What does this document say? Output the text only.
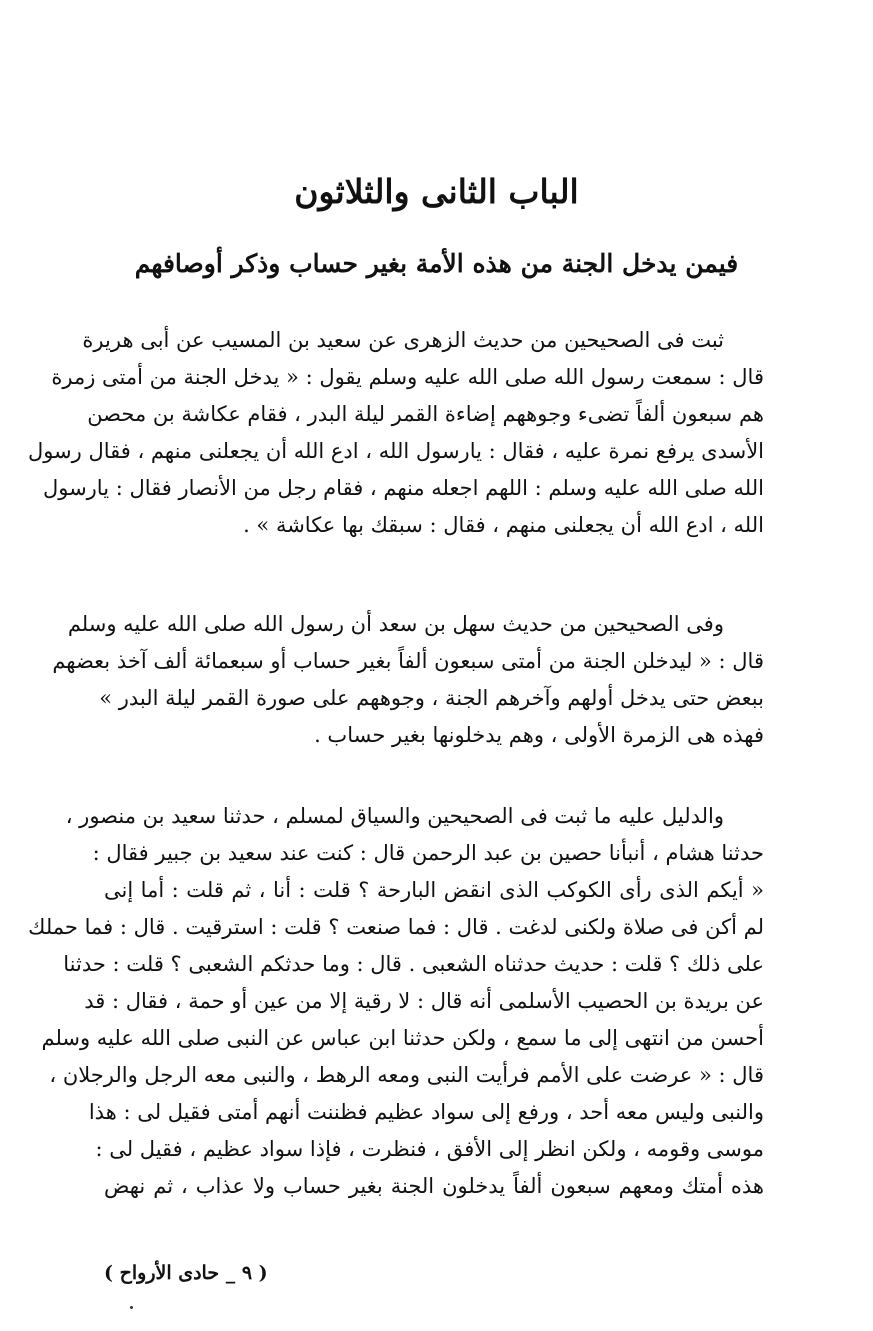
الباب الثانى والثلاثون
فيمن يدخل الجنة من هذه الأمة بغير حساب وذكر أوصافهم
ثبت فى الصحيحين من حديث الزهرى عن سعيد بن المسيب عن أبى هريرة
قال : سمعت رسول الله صلى الله عليه وسلم يقول : « يدخل الجنة من أمتى زمرة
هم سبعون ألفاً تضىء وجوههم إضاءة القمر ليلة البدر ، فقام عكاشة بن محصن
الأسدى يرفع نمرة عليه ، فقال : يارسول الله ، ادع الله أن يجعلنى منهم ، فقال رسول
الله صلى الله عليه وسلم : اللهم اجعله منهم ، فقام رجل من الأنصار فقال : يارسول
الله ، ادع الله أن يجعلنى منهم ، فقال : سبقك بها عكاشة » .
وفى الصحيحين من حديث سهل بن سعد أن رسول الله صلى الله عليه وسلم
قال : « ليدخلن الجنة من أمتى سبعون ألفاً بغير حساب أو سبعمائة ألف آخذ بعضهم
ببعض حتى يدخل أولهم وآخرهم الجنة ، وجوههم على صورة القمر ليلة البدر »
فهذه هى الزمرة الأولى ، وهم يدخلونها بغير حساب .
والدليل عليه ما ثبت فى الصحيحين والسياق لمسلم ، حدثنا سعيد بن منصور ،
حدثنا هشام ، أنبأنا حصين بن عبد الرحمن قال : كنت عند سعيد بن جبير فقال :
« أيكم الذى رأى الكوكب الذى انقض البارحة ؟ قلت : أنا ، ثم قلت : أما إنى
لم أكن فى صلاة ولكنى لدغت . قال : فما صنعت ؟ قلت : استرقيت . قال : فما حملك
على ذلك ؟ قلت : حديث حدثناه الشعبى . قال : وما حدثكم الشعبى ؟ قلت : حدثنا
عن بريدة بن الحصيب الأسلمى أنه قال : لا رقية إلا من عين أو حمة ، فقال : قد
أحسن من انتهى إلى ما سمع ، ولكن حدثنا ابن عباس عن النبى صلى الله عليه وسلم
قال : « عرضت على الأمم فرأيت النبى ومعه الرهط ، والنبى معه الرجل والرجلان ،
والنبى وليس معه أحد ، ورفع إلى سواد عظيم فظننت أنهم أمتى فقيل لى : هذا
موسى وقومه ، ولكن انظر إلى الأفق ، فنظرت ، فإذا سواد عظيم ، فقيل لى :
هذه أمتك ومعهم سبعون ألفاً يدخلون الجنة بغير حساب ولا عذاب ، ثم نهض
( ٩ _ حادى الأرواح )
